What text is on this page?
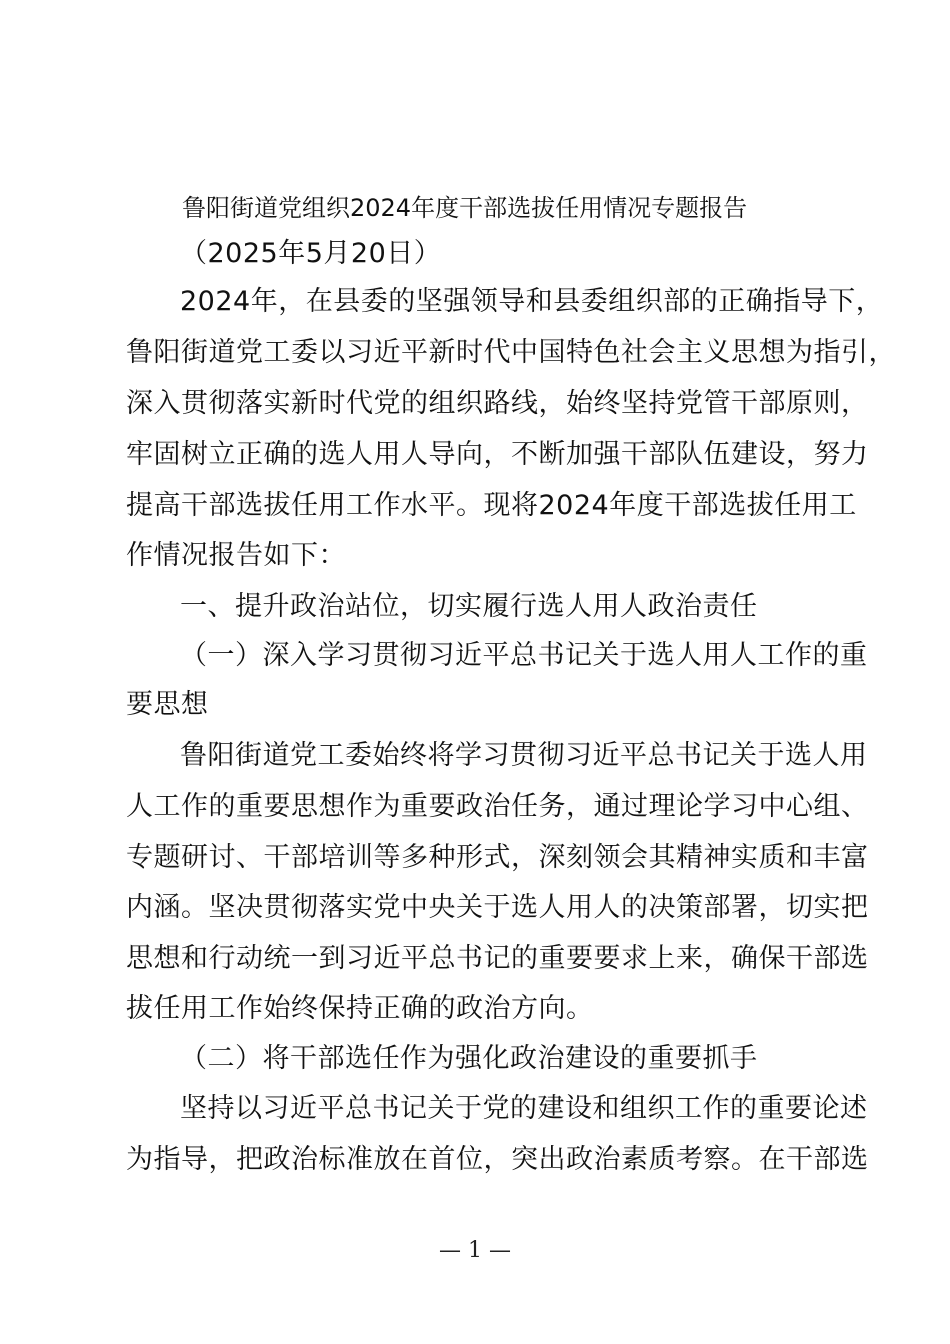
鲁阳街道党组织2024年度干部选拔任用情况专题报告
（2025年5月20日）
2024年，在县委的坚强领导和县委组织部的正确指导下，
鲁阳街道党工委以习近平新时代中国特色社会主义思想为指引，
深入贯彻落实新时代党的组织路线，始终坚持党管干部原则，
牢固树立正确的选人用人导向，不断加强干部队伍建设，努力
提高干部选拔任用工作水平。现将2024年度干部选拔任用工
作情况报告如下：
一、提升政治站位，切实履行选人用人政治责任
（一）深入学习贯彻习近平总书记关于选人用人工作的重
要思想
鲁阳街道党工委始终将学习贯彻习近平总书记关于选人用
人工作的重要思想作为重要政治任务，通过理论学习中心组、
专题研讨、干部培训等多种形式，深刻领会其精神实质和丰富
内涵。坚决贯彻落实党中央关于选人用人的决策部署，切实把
思想和行动统一到习近平总书记的重要要求上来，确保干部选
拔任用工作始终保持正确的政治方向。
（二）将干部选任作为强化政治建设的重要抓手
坚持以习近平总书记关于党的建设和组织工作的重要论述
为指导，把政治标准放在首位，突出政治素质考察。在干部选
— 1 —
